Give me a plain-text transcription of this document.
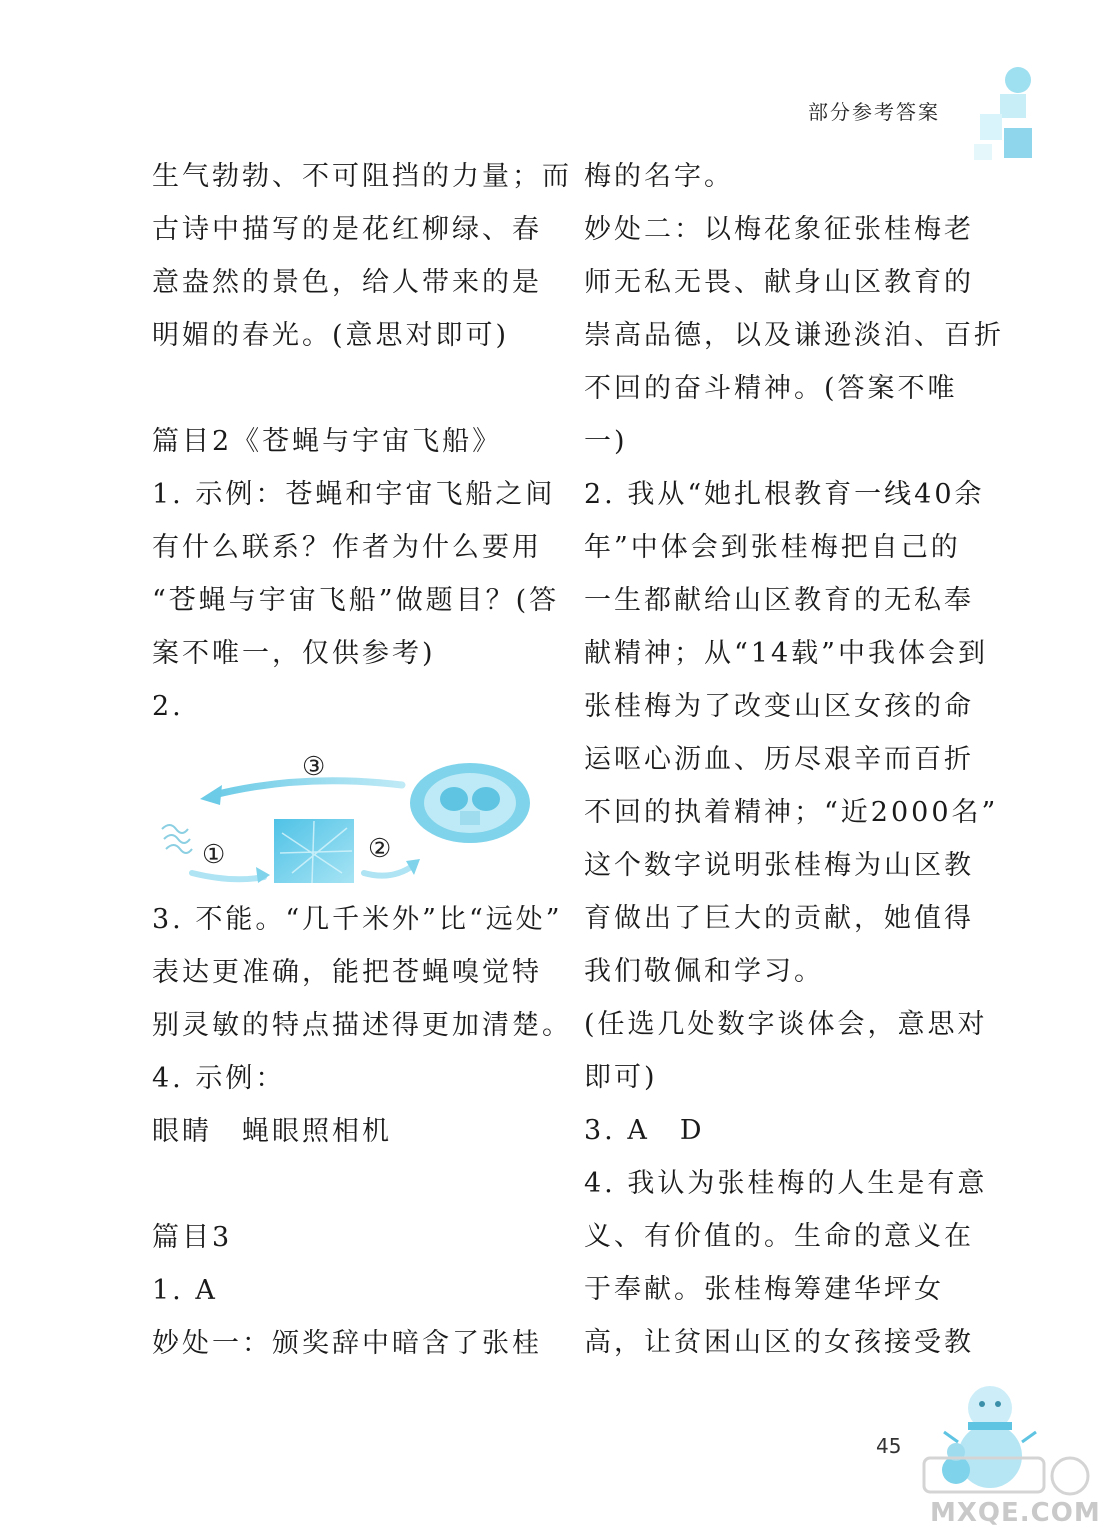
部分参考答案
生气勃勃、不可阻挡的力量；而
古诗中描写的是花红柳绿、春
意盎然的景色，给人带来的是
明媚的春光。(意思对即可)
篇目2《苍蝇与宇宙飞船》
1. 示例：苍蝇和宇宙飞船之间
有什么联系？作者为什么要用
“苍蝇与宇宙飞船”做题目？(答
案不唯一，仅供参考)
2.
③
①	②
3. 不能。“几千米外”比“远处”
表达更准确，能把苍蝇嗅觉特
别灵敏的特点描述得更加清楚。
4. 示例：
眼睛　蝇眼照相机
篇目3
1. A
妙处一：颁奖辞中暗含了张桂
梅的名字。
妙处二：以梅花象征张桂梅老
师无私无畏、献身山区教育的
崇高品德，以及谦逊淡泊、百折
不回的奋斗精神。(答案不唯
一)
2. 我从“她扎根教育一线40余
年”中体会到张桂梅把自己的
一生都献给山区教育的无私奉
献精神；从“14载”中我体会到
张桂梅为了改变山区女孩的命
运呕心沥血、历尽艰辛而百折
不回的执着精神；“近2000名”
这个数字说明张桂梅为山区教
育做出了巨大的贡献，她值得
我们敬佩和学习。
(任选几处数字谈体会，意思对
即可)
3. A　D
4. 我认为张桂梅的人生是有意
义、有价值的。生命的意义在
于奉献。张桂梅筹建华坪女
高，让贫困山区的女孩接受教
45
MXQE.COM
